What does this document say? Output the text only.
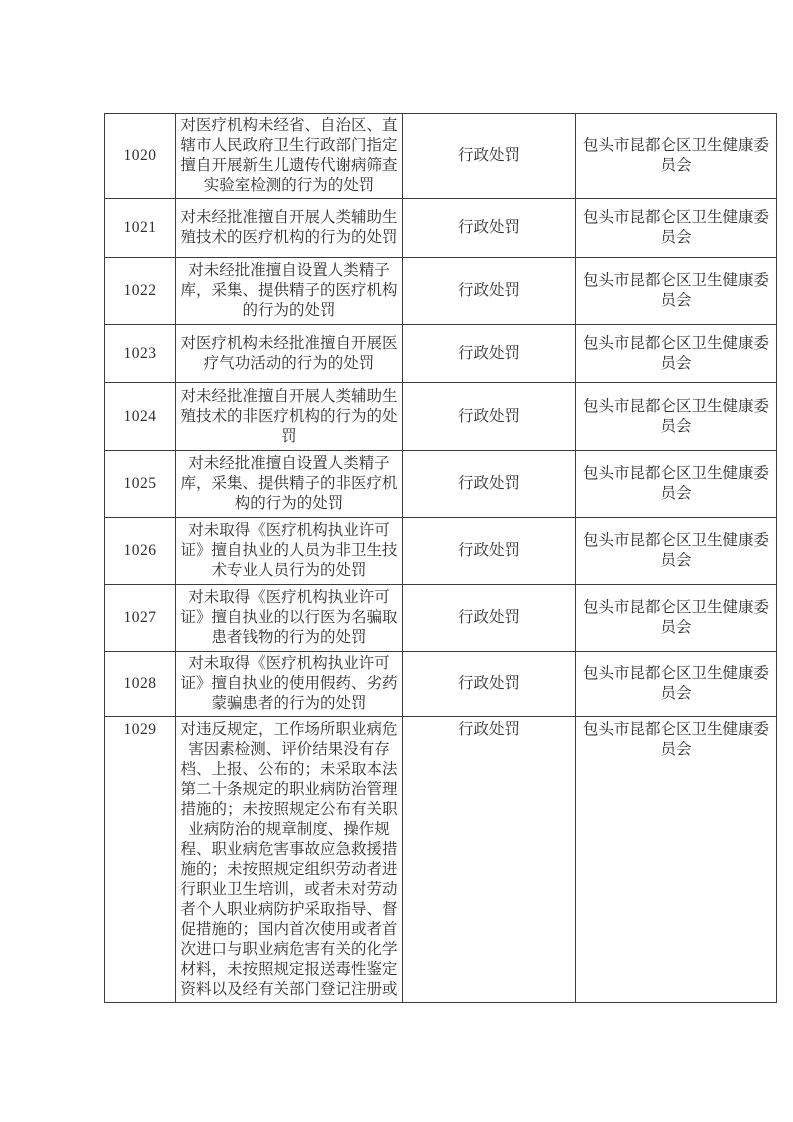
1020	对医疗机构未经省、自治区、直辖市人民政府卫生行政部门指定擅自开展新生儿遗传代谢病筛查实验室检测的行为的处罚	行政处罚	包头市昆都仑区卫生健康委员会
1021	对未经批准擅自开展人类辅助生殖技术的医疗机构的行为的处罚	行政处罚	包头市昆都仑区卫生健康委员会
1022	对未经批准擅自设置人类精子库，采集、提供精子的医疗机构的行为的处罚	行政处罚	包头市昆都仑区卫生健康委员会
1023	对医疗机构未经批准擅自开展医疗气功活动的行为的处罚	行政处罚	包头市昆都仑区卫生健康委员会
1024	对未经批准擅自开展人类辅助生殖技术的非医疗机构的行为的处罚	行政处罚	包头市昆都仑区卫生健康委员会
1025	对未经批准擅自设置人类精子库，采集、提供精子的非医疗机构的行为的处罚	行政处罚	包头市昆都仑区卫生健康委员会
1026	对未取得《医疗机构执业许可证》擅自执业的人员为非卫生技术专业人员行为的处罚	行政处罚	包头市昆都仑区卫生健康委员会
1027	对未取得《医疗机构执业许可证》擅自执业的以行医为名骗取患者钱物的行为的处罚	行政处罚	包头市昆都仑区卫生健康委员会
1028	对未取得《医疗机构执业许可证》擅自执业的使用假药、劣药蒙骗患者的行为的处罚	行政处罚	包头市昆都仑区卫生健康委员会
1029	对违反规定，工作场所职业病危害因素检测、评价结果没有存档、上报、公布的；未采取本法第二十条规定的职业病防治管理措施的；未按照规定公布有关职业病防治的规章制度、操作规程、职业病危害事故应急救援措施的；未按照规定组织劳动者进行职业卫生培训，或者未对劳动者个人职业病防护采取指导、督促措施的；国内首次使用或者首次进口与职业病危害有关的化学材料，未按照规定报送毒性鉴定资料以及经有关部门登记注册或	行政处罚	包头市昆都仑区卫生健康委员会
